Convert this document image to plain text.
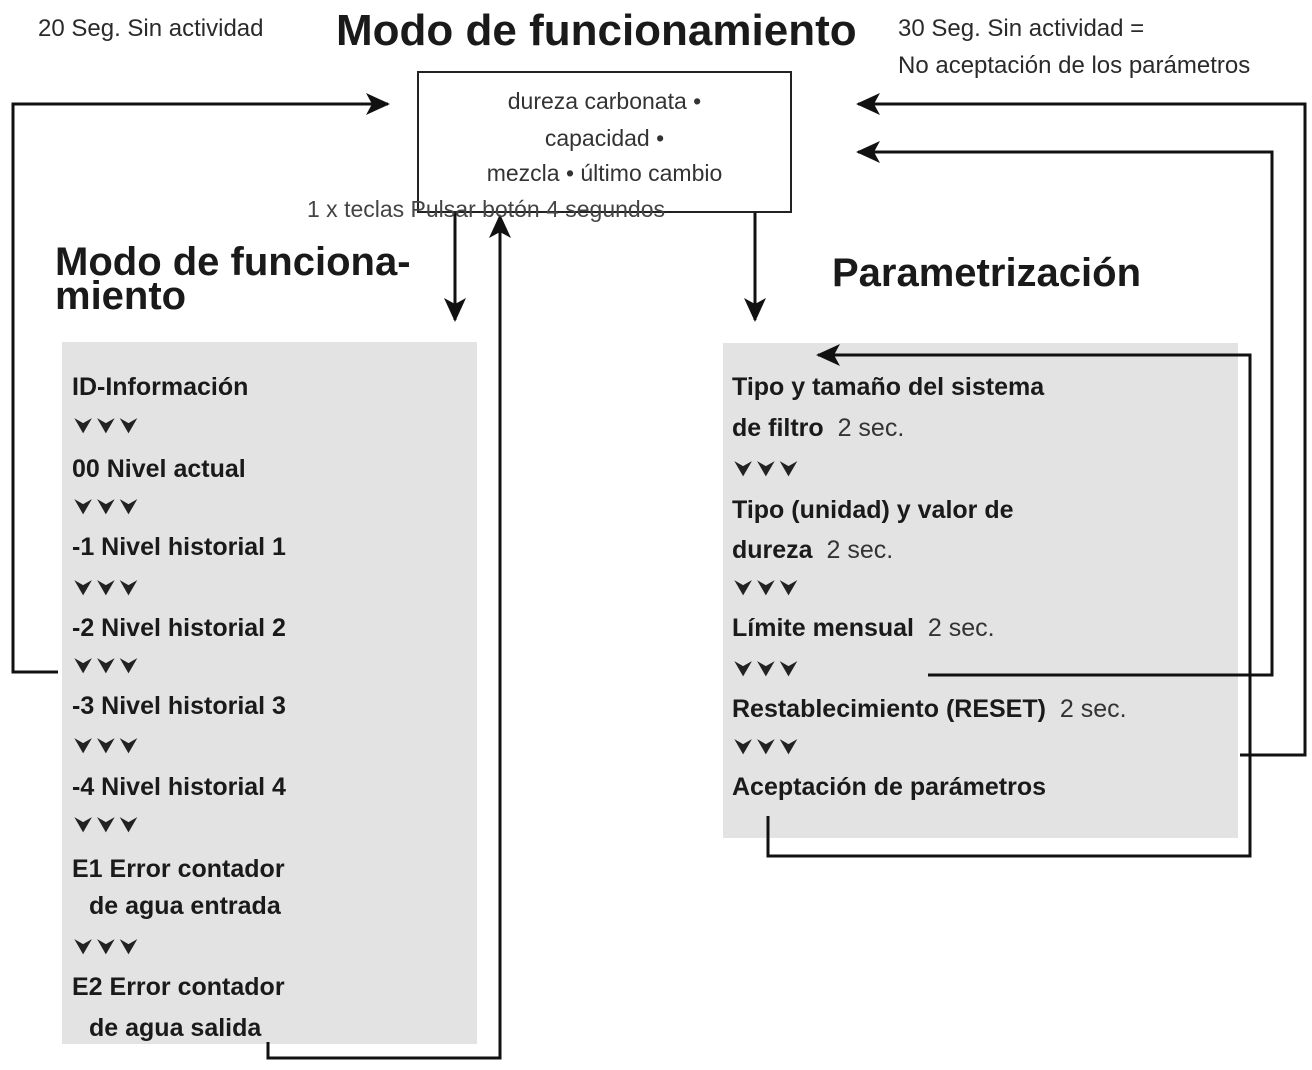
20 Seg. Sin actividad Modo de funcionamiento 30 Seg. Sin actividad =
No aceptación de los parámetros
dureza carbonata •
capacidad •
mezcla • último cambio
1 x teclas Pulsar botón 4 segundos
Modo de funciona-
miento
Parametrización
ID-Información
⮟⮟⮟
00 Nivel actual
⮟⮟⮟
-1 Nivel historial 1
⮟⮟⮟
-2 Nivel historial 2
⮟⮟⮟
-3 Nivel historial 3
⮟⮟⮟
-4 Nivel historial 4
⮟⮟⮟
E1 Error contador
de agua entrada
⮟⮟⮟
E2 Error contador
de agua salida
Tipo y tamaño del sistema
de filtro 2 sec.
⮟⮟⮟
Tipo (unidad) y valor de
dureza 2 sec.
⮟⮟⮟
Límite mensual 2 sec.
⮟⮟⮟
Restablecimiento (RESET) 2 sec.
⮟⮟⮟
Aceptación de parámetros
